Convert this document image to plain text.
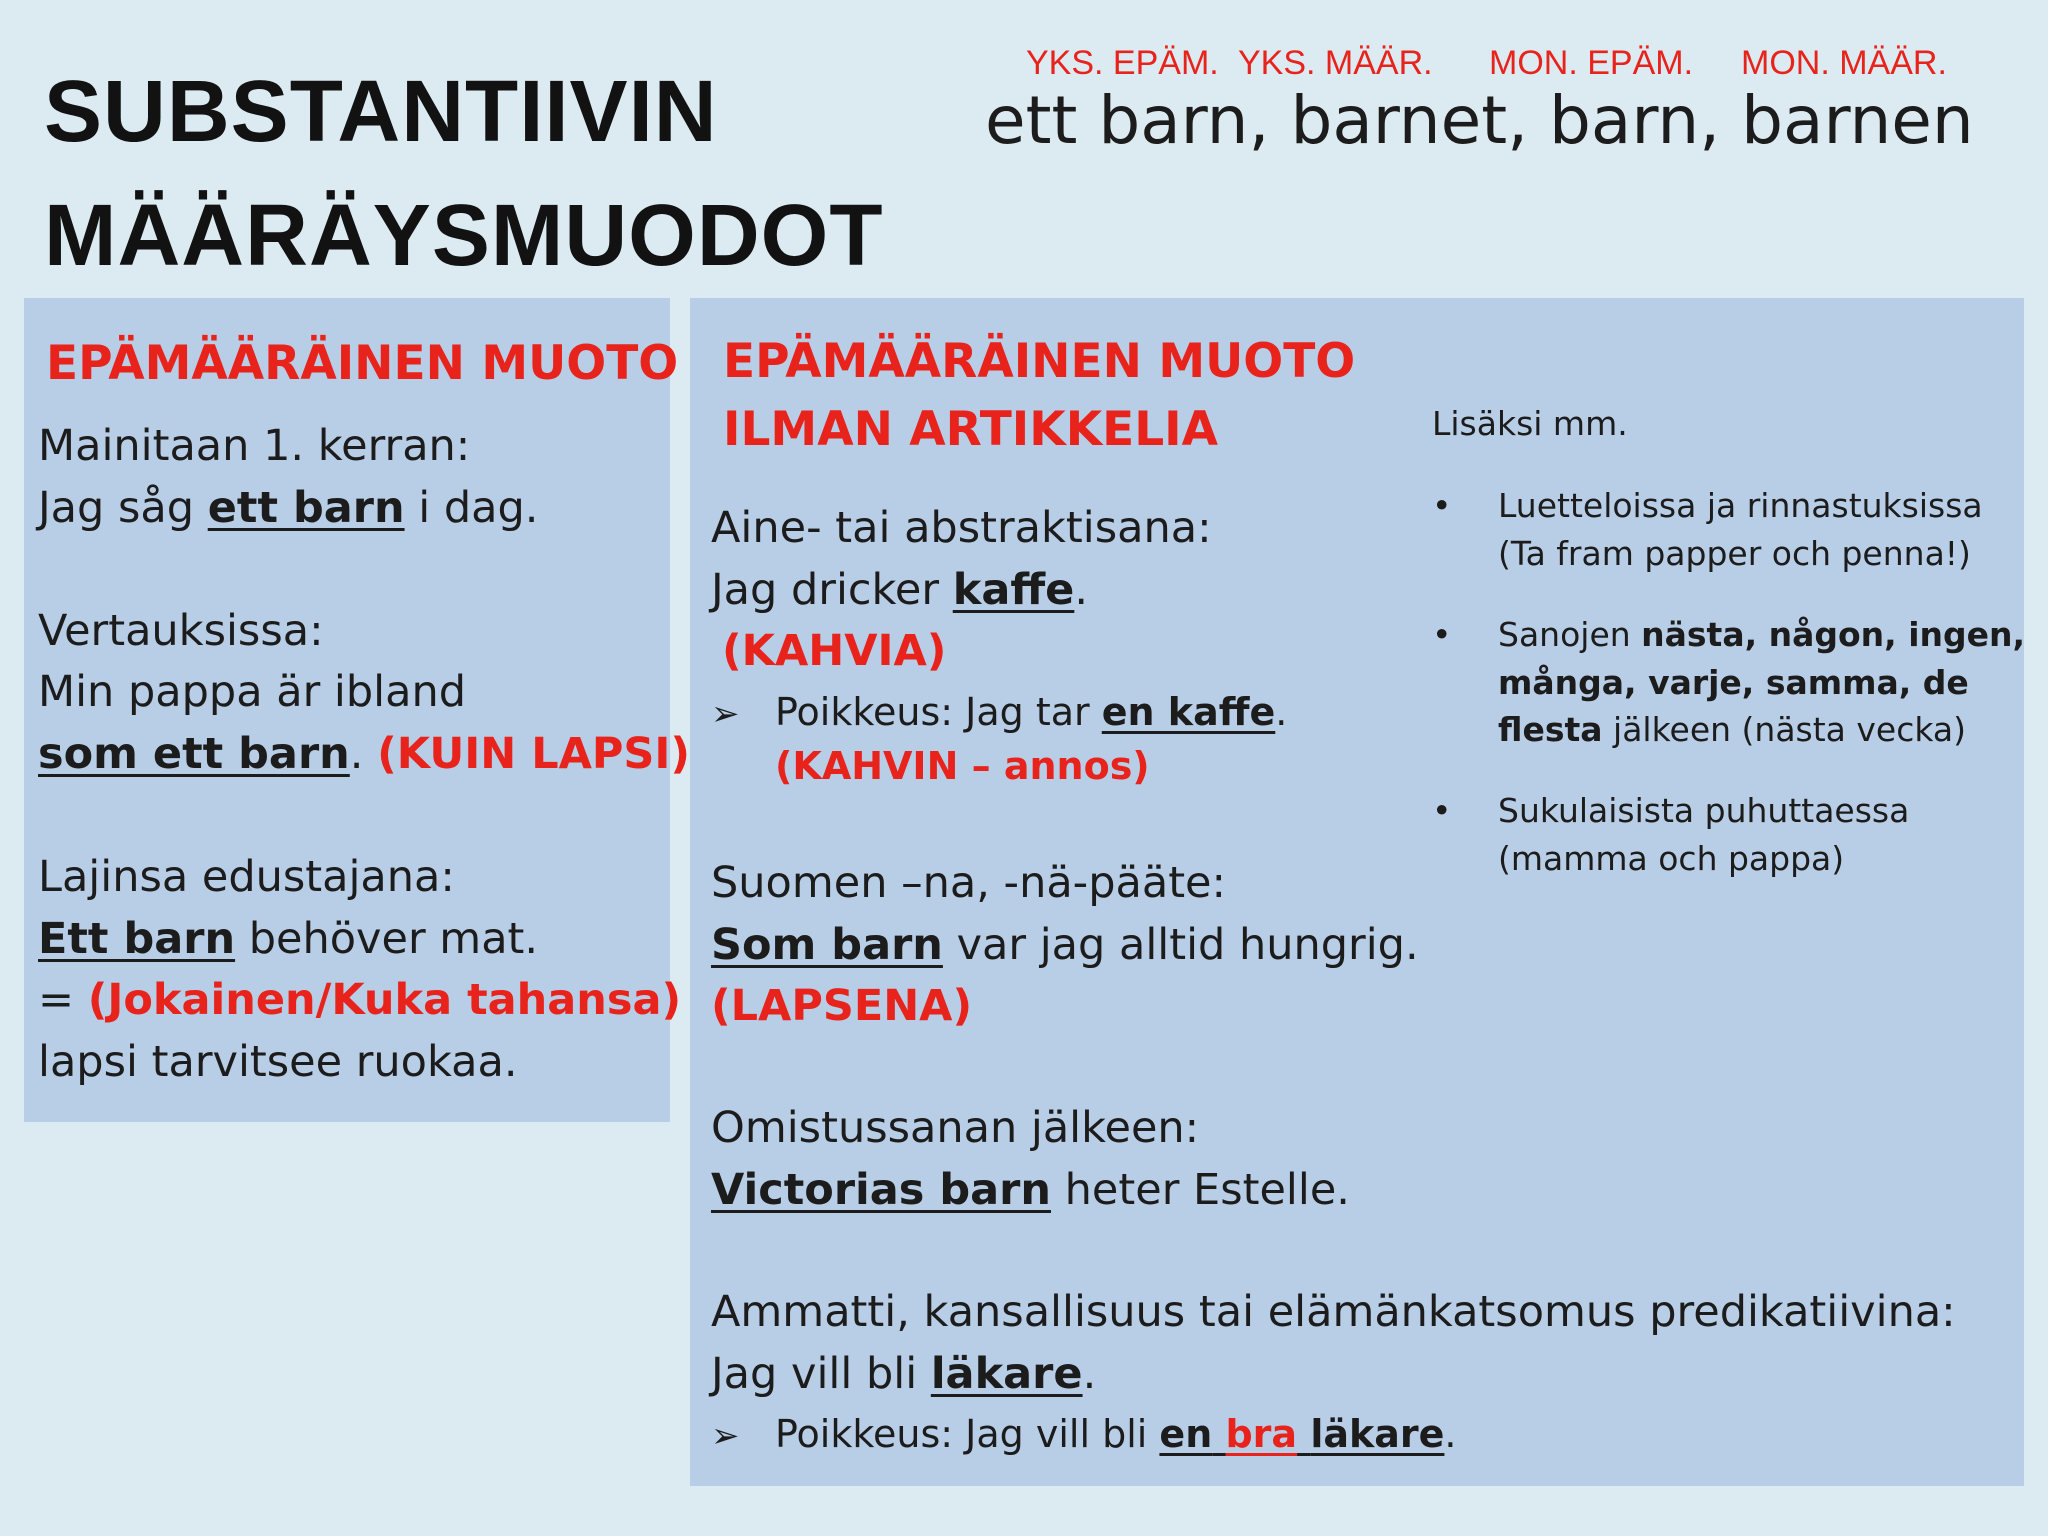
SUBSTANTIIVIN
MÄÄRÄYSMUODOT
YKS. EPÄM. YKS. MÄÄR. MON. EPÄM. MON. MÄÄR.

ett barn, barnet, barn, barnen

EPÄMÄÄRÄINEN MUOTO
Mainitaan 1. kerran:
Jag såg ett barn i dag.
Vertauksissa:
Min pappa är ibland
som ett barn. (KUIN LAPSI)
Lajinsa edustajana:
Ett barn behöver mat.
= (Jokainen/Kuka tahansa)
lapsi tarvitsee ruokaa.
EPÄMÄÄRÄINEN MUOTO
ILMAN ARTIKKELIA
Aine- tai abstraktisana:
Jag dricker kaffe.
(KAHVIA)
➢ Poikkeus: Jag tar en kaffe.
(KAHVIN – annos)
Suomen –na, -nä-pääte:
Som barn var jag alltid hungrig.
(LAPSENA)
Omistussanan jälkeen:
Victorias barn heter Estelle.
Ammatti, kansallisuus tai elämänkatsomus predikatiivina:
Jag vill bli läkare.
➢ Poikkeus: Jag vill bli en bra läkare.
Lisäksi mm.
• Luetteloissa ja rinnastuksissa
(Ta fram papper och penna!)
• Sanojen nästa, någon, ingen,
många, varje, samma, de
flesta jälkeen (nästa vecka)
• Sukulaisista puhuttaessa
(mamma och pappa)
